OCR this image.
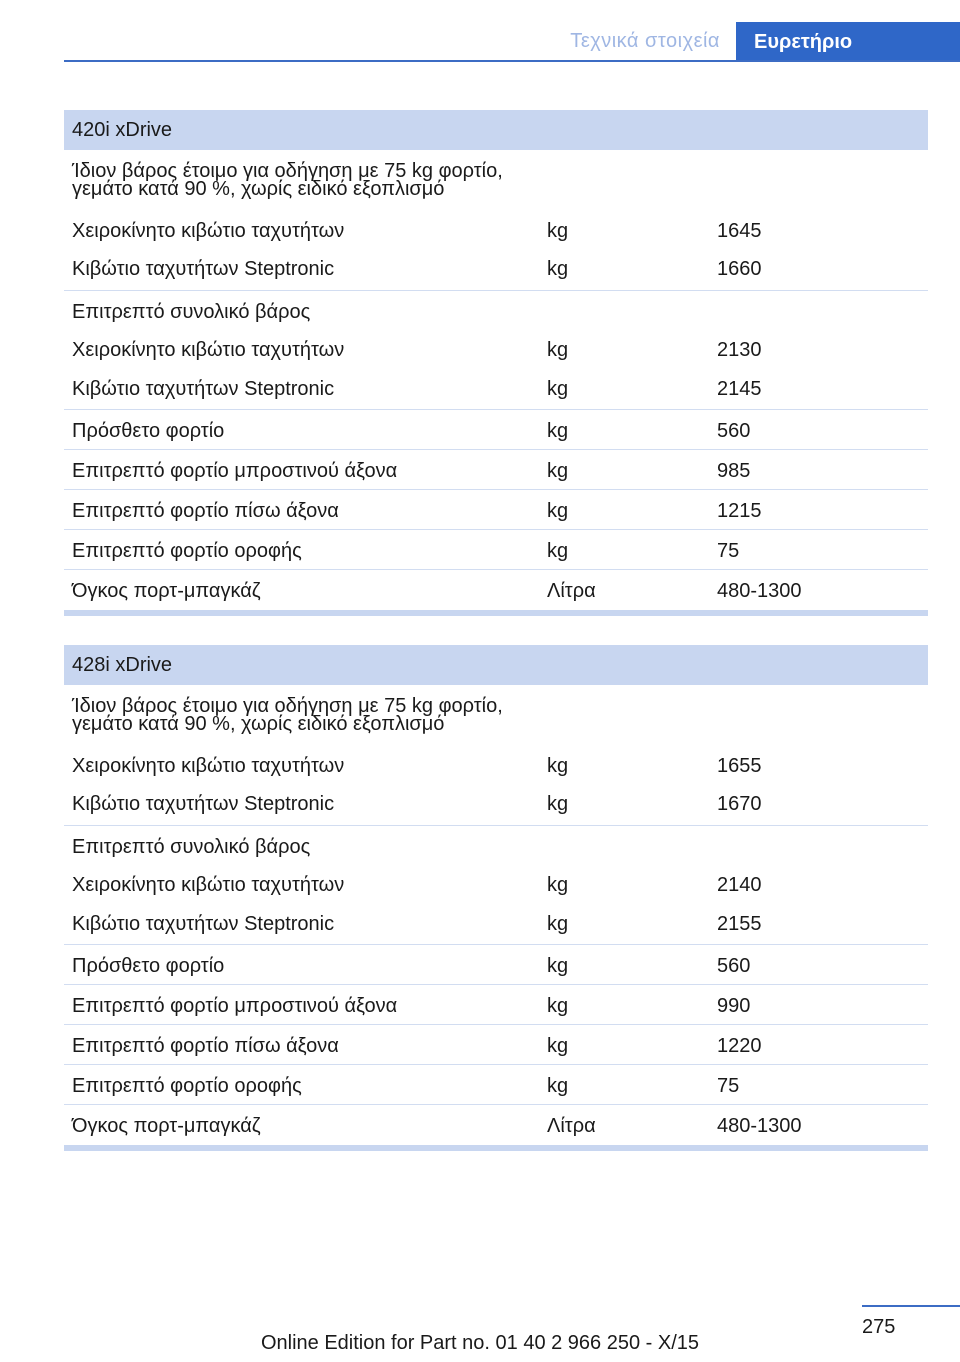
Τεχνικά στοιχεία Ευρετήριο
420i xDrive
Ίδιον βάρος έτοιμο για οδήγηση με 75 kg φορτίο,
γεμάτο κατά 90 %, χωρίς ειδικό εξοπλισμό
Χειροκίνητο κιβώτιο ταχυτήτων	kg	1645
Κιβώτιο ταχυτήτων Steptronic	kg	1660
Επιτρεπτό συνολικό βάρος
Χειροκίνητο κιβώτιο ταχυτήτων	kg	2130
Κιβώτιο ταχυτήτων Steptronic	kg	2145
Πρόσθετο φορτίο	kg	560
Επιτρεπτό φορτίο μπροστινού άξονα	kg	985
Επιτρεπτό φορτίο πίσω άξονα	kg	1215
Επιτρεπτό φορτίο οροφής	kg	75
Όγκος πορτ-μπαγκάζ	Λίτρα	480-1300
428i xDrive
Ίδιον βάρος έτοιμο για οδήγηση με 75 kg φορτίο,
γεμάτο κατά 90 %, χωρίς ειδικό εξοπλισμό
Χειροκίνητο κιβώτιο ταχυτήτων	kg	1655
Κιβώτιο ταχυτήτων Steptronic	kg	1670
Επιτρεπτό συνολικό βάρος
Χειροκίνητο κιβώτιο ταχυτήτων	kg	2140
Κιβώτιο ταχυτήτων Steptronic	kg	2155
Πρόσθετο φορτίο	kg	560
Επιτρεπτό φορτίο μπροστινού άξονα	kg	990
Επιτρεπτό φορτίο πίσω άξονα	kg	1220
Επιτρεπτό φορτίο οροφής	kg	75
Όγκος πορτ-μπαγκάζ	Λίτρα	480-1300
275
Online Edition for Part no. 01 40 2 966 250 - X/15
